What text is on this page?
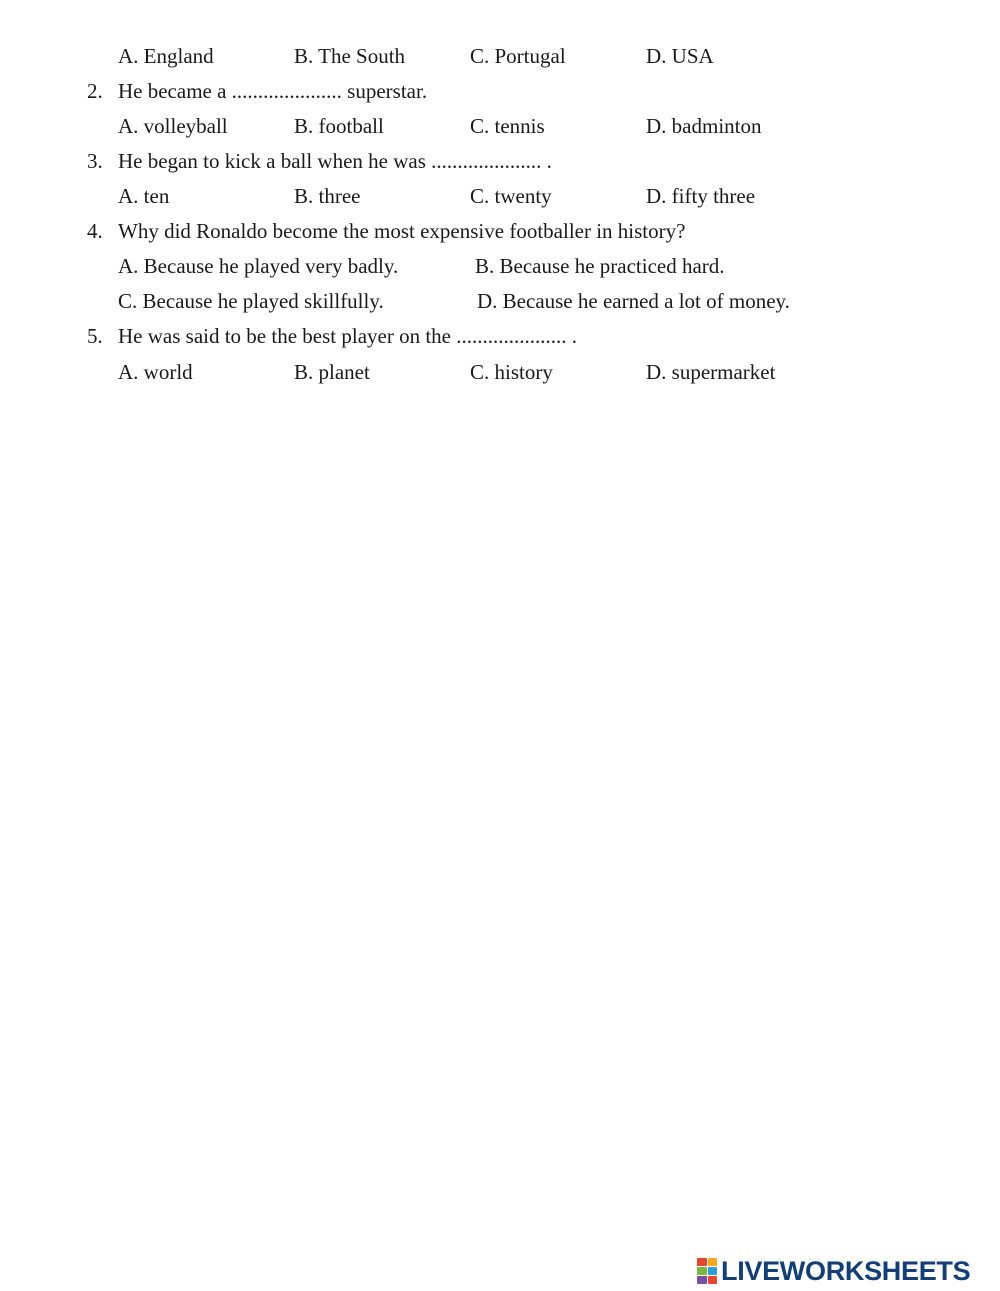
A. England	B. The South	C. Portugal	D. USA
2. He became a ..................... superstar.
A. volleyball	B. football	C. tennis	D. badminton
3. He began to kick a ball when he was ..................... .
A. ten	B. three	C. twenty	D. fifty three
4. Why did Ronaldo become the most expensive footballer in history?
A. Because he played very badly.	B. Because he practiced hard.
C. Because he played skillfully.	D. Because he earned a lot of money.
5. He was said to be the best player on the ..................... .
A. world	B. planet	C. history	D. supermarket
LIVEWORKSHEETS
